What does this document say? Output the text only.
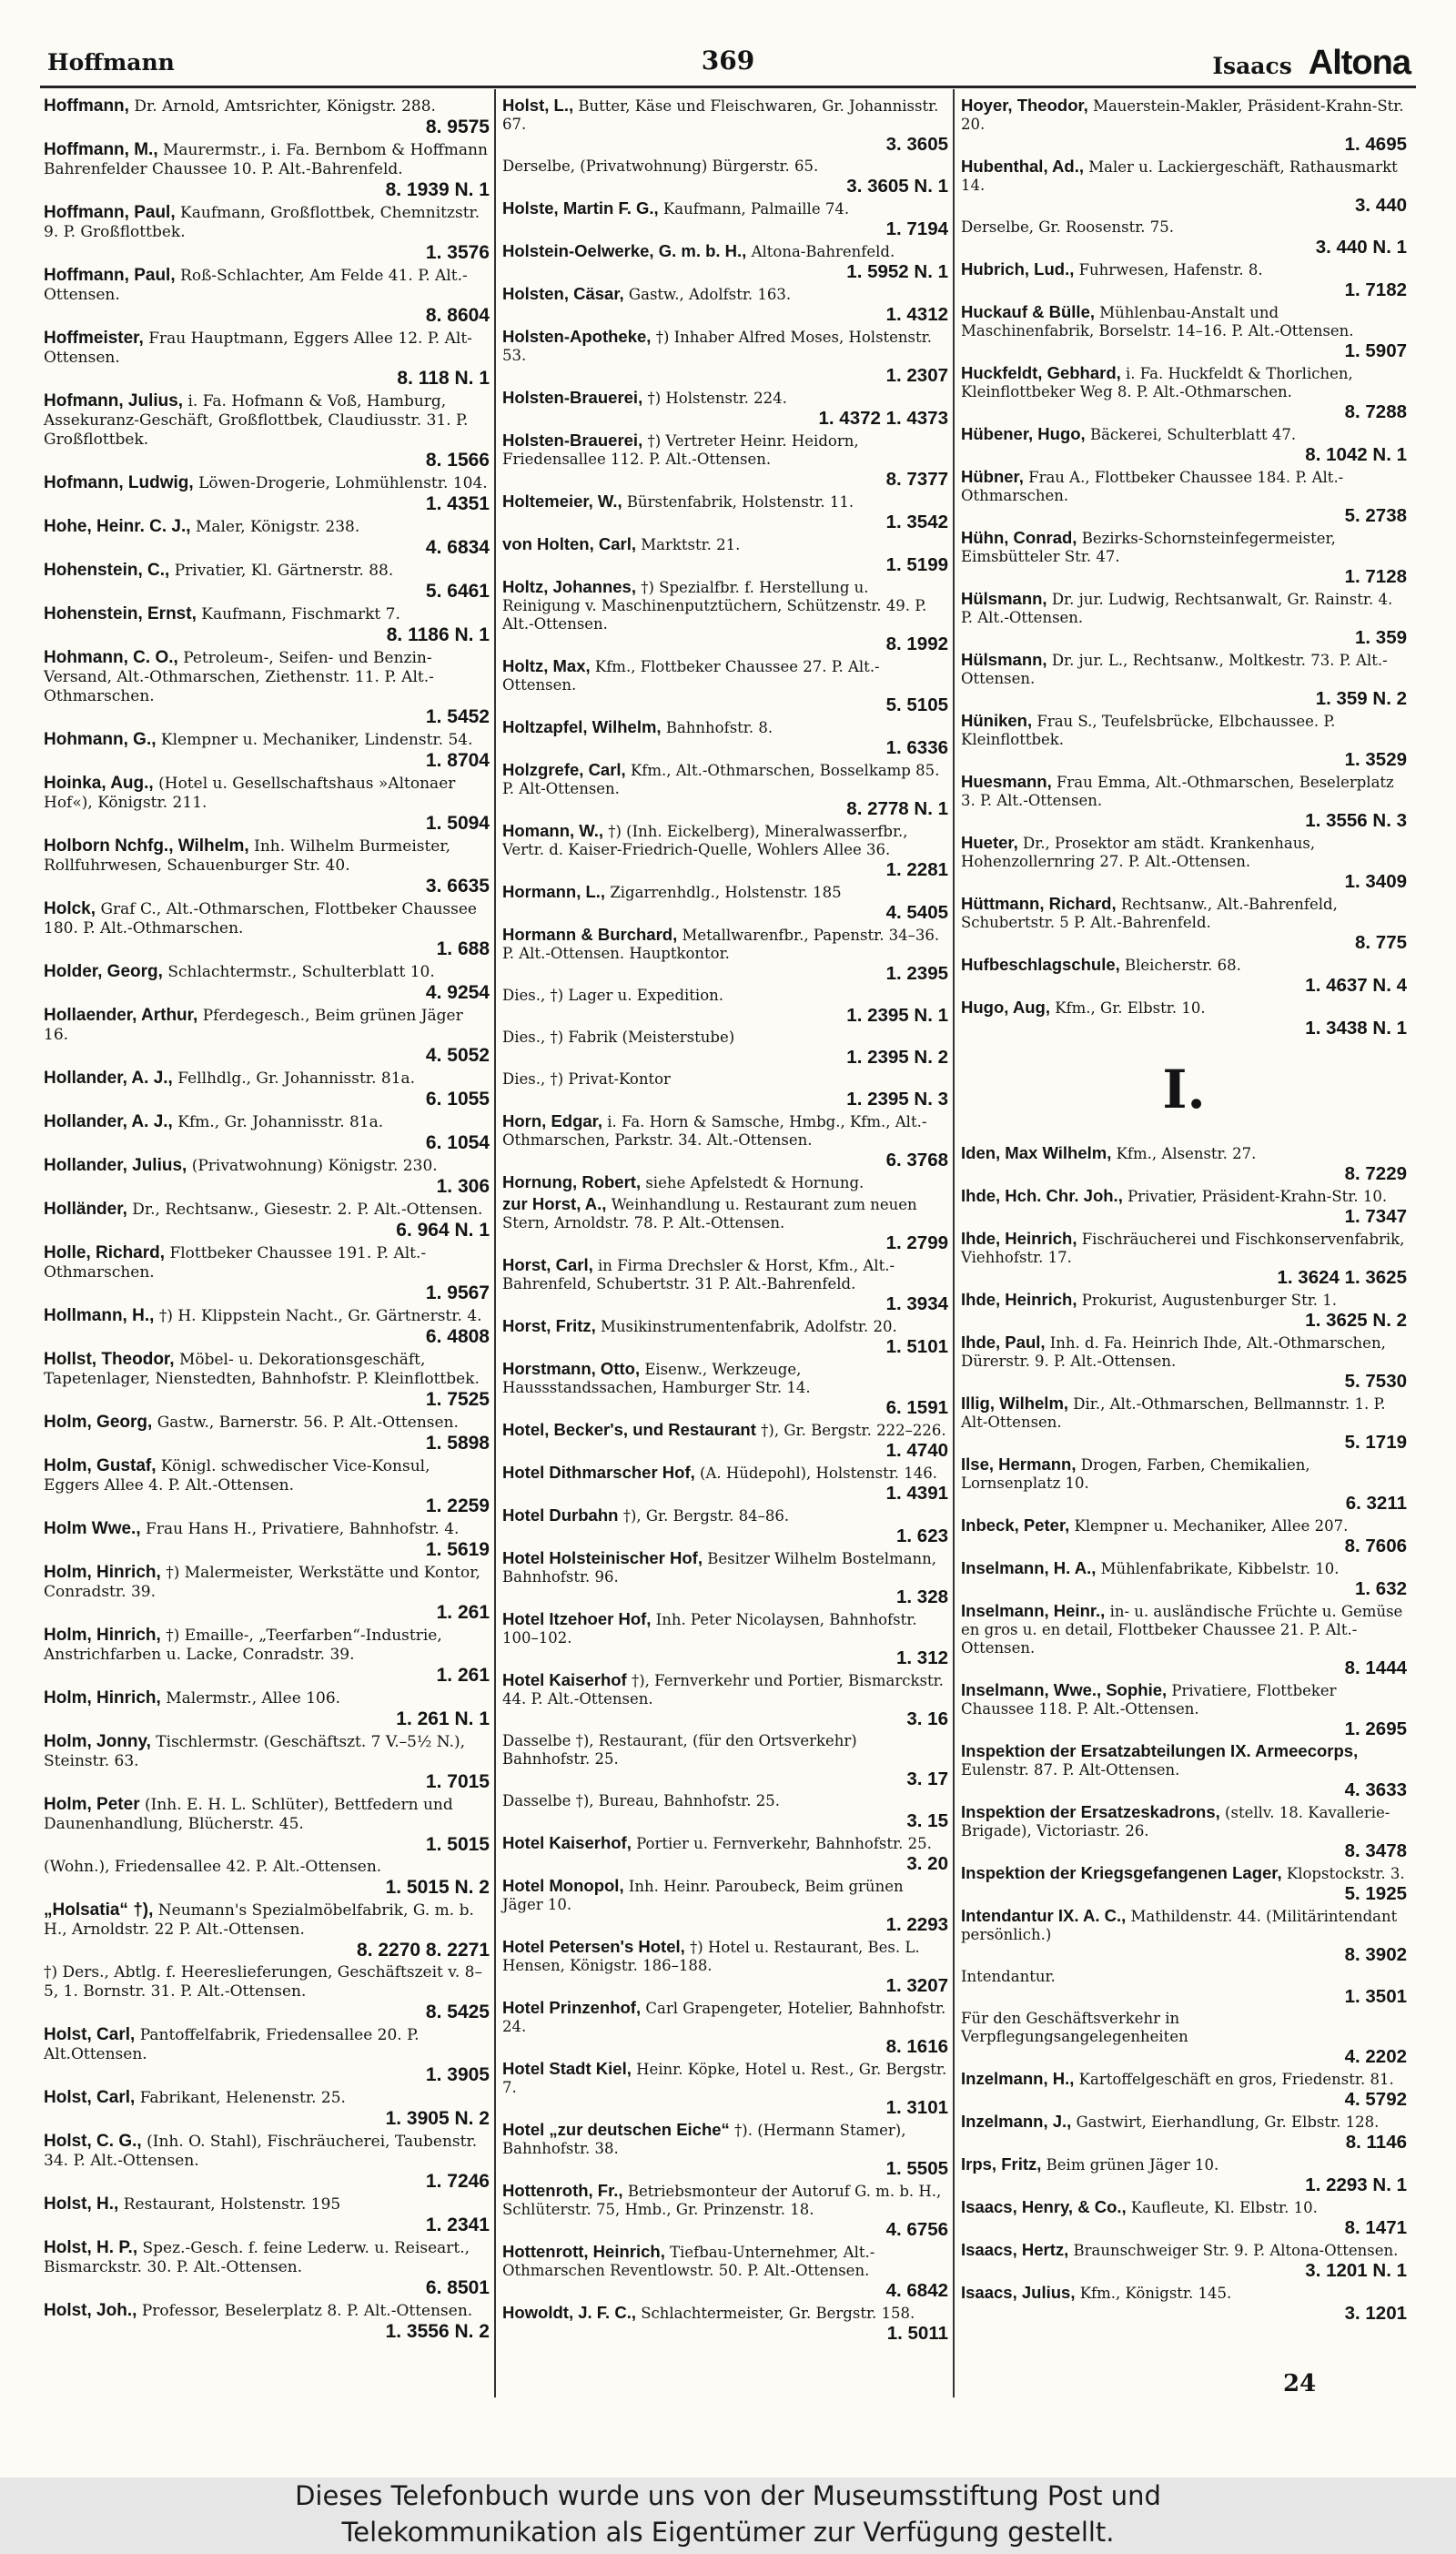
Hoffmann	369	Isaacs Altona
Hoffmann, Dr. Arnold, Amtsrichter, Königstr. 288.
8. 9575
Hoffmann, M., Maurermstr., i. Fa. Bernbom & Hoffmann Bahrenfelder Chaussee 10. P. Alt.-Bahrenfeld.
8. 1939 N. 1
Hoffmann, Paul, Kaufmann, Großflottbek, Chemnitzstr. 9. P. Großflottbek.
1. 3576
Hoffmann, Paul, Roß-Schlachter, Am Felde 41. P. Alt.-Ottensen.
8. 8604
Hoffmeister, Frau Hauptmann, Eggers Allee 12. P. Alt-Ottensen.
8. 118 N. 1
Hofmann, Julius, i. Fa. Hofmann & Voß, Hamburg, Assekuranz-Geschäft, Großflottbek, Claudiusstr. 31. P. Großflottbek.
8. 1566
Hofmann, Ludwig, Löwen-Drogerie, Lohmühlenstr. 104.
1. 4351
Hohe, Heinr. C. J., Maler, Königstr. 238.
4. 6834
Hohenstein, C., Privatier, Kl. Gärtnerstr. 88.
5. 6461
Hohenstein, Ernst, Kaufmann, Fischmarkt 7.
8. 1186 N. 1
Hohmann, C. O., Petroleum-, Seifen- und Benzin-Versand, Alt.-Othmarschen, Ziethenstr. 11. P. Alt.-Othmarschen.
1. 5452
Hohmann, G., Klempner u. Mechaniker, Lindenstr. 54.
1. 8704
Hoinka, Aug., (Hotel u. Gesellschaftshaus »Altonaer Hof«), Königstr. 211.
1. 5094
Holborn Nchfg., Wilhelm, Inh. Wilhelm Burmeister, Rollfuhrwesen, Schauenburger Str. 40.
3. 6635
Holck, Graf C., Alt.-Othmarschen, Flottbeker Chaussee 180. P. Alt.-Othmarschen.
1. 688
Holder, Georg, Schlachtermstr., Schulterblatt 10.
4. 9254
Hollaender, Arthur, Pferdegesch., Beim grünen Jäger 16.
4. 5052
Hollander, A. J., Fellhdlg., Gr. Johannisstr. 81a.
6. 1055
Hollander, A. J., Kfm., Gr. Johannisstr. 81a.
6. 1054
Hollander, Julius, (Privatwohnung) Königstr. 230.
1. 306
Holländer, Dr., Rechtsanw., Giesestr. 2. P. Alt.-Ottensen.
6. 964 N. 1
Holle, Richard, Flottbeker Chaussee 191. P. Alt.-Othmarschen.
1. 9567
Hollmann, H., †) H. Klippstein Nacht., Gr. Gärtnerstr. 4.
6. 4808
Hollst, Theodor, Möbel- u. Dekorationsgeschäft, Tapetenlager, Nienstedten, Bahnhofstr. P. Kleinflottbek.
1. 7525
Holm, Georg, Gastw., Barnerstr. 56. P. Alt.-Ottensen.
1. 5898
Holm, Gustaf, Königl. schwedischer Vice-Konsul, Eggers Allee 4. P. Alt.-Ottensen.
1. 2259
Holm Wwe., Frau Hans H., Privatiere, Bahnhofstr. 4.
1. 5619
Holm, Hinrich, †) Malermeister, Werkstätte und Kontor, Conradstr. 39.
1. 261
Holm, Hinrich, †) Emaille-, „Teerfarben“-Industrie, Anstrichfarben u. Lacke, Conradstr. 39.
1. 261
Holm, Hinrich, Malermstr., Allee 106.
1. 261 N. 1
Holm, Jonny, Tischlermstr. (Geschäftszt. 7 V.–5½ N.), Steinstr. 63.
1. 7015
Holm, Peter (Inh. E. H. L. Schlüter), Bettfedern und Daunenhandlung, Blücherstr. 45.
1. 5015
(Wohn.), Friedensallee 42. P. Alt.-Ottensen.
1. 5015 N. 2
„Holsatia“ †), Neumann's Spezialmöbelfabrik, G. m. b. H., Arnoldstr. 22 P. Alt.-Ottensen.
8. 2270 8. 2271
†) Ders., Abtlg. f. Heereslieferungen, Geschäftszeit v. 8–5, 1. Bornstr. 31. P. Alt.-Ottensen.
8. 5425
Holst, Carl, Pantoffelfabrik, Friedensallee 20. P. Alt.Ottensen.
1. 3905
Holst, Carl, Fabrikant, Helenenstr. 25.
1. 3905 N. 2
Holst, C. G., (Inh. O. Stahl), Fischräucherei, Taubenstr. 34. P. Alt.-Ottensen.
1. 7246
Holst, H., Restaurant, Holstenstr. 195
1. 2341
Holst, H. P., Spez.-Gesch. f. feine Lederw. u. Reiseart., Bismarckstr. 30. P. Alt.-Ottensen.
6. 8501
Holst, Joh., Professor, Beselerplatz 8. P. Alt.-Ottensen.
1. 3556 N. 2
Holst, L., Butter, Käse und Fleischwaren, Gr. Johannisstr. 67.
3. 3605
Derselbe, (Privatwohnung) Bürgerstr. 65.
3. 3605 N. 1
Holste, Martin F. G., Kaufmann, Palmaille 74.
1. 7194
Holstein-Oelwerke, G. m. b. H., Altona-Bahrenfeld.
1. 5952 N. 1
Holsten, Cäsar, Gastw., Adolfstr. 163.
1. 4312
Holsten-Apotheke, †) Inhaber Alfred Moses, Holstenstr. 53.
1. 2307
Holsten-Brauerei, †) Holstenstr. 224.
1. 4372 1. 4373
Holsten-Brauerei, †) Vertreter Heinr. Heidorn, Friedensallee 112. P. Alt.-Ottensen.
8. 7377
Holtemeier, W., Bürstenfabrik, Holstenstr. 11.
1. 3542
von Holten, Carl, Marktstr. 21.
1. 5199
Holtz, Johannes, †) Spezialfbr. f. Herstellung u. Reinigung v. Maschinenputztüchern, Schützenstr. 49. P. Alt.-Ottensen.
8. 1992
Holtz, Max, Kfm., Flottbeker Chaussee 27. P. Alt.-Ottensen.
5. 5105
Holtzapfel, Wilhelm, Bahnhofstr. 8.
1. 6336
Holzgrefe, Carl, Kfm., Alt.-Othmarschen, Bosselkamp 85. P. Alt-Ottensen.
8. 2778 N. 1
Homann, W., †) (Inh. Eickelberg), Mineralwasserfbr., Vertr. d. Kaiser-Friedrich-Quelle, Wohlers Allee 36.
1. 2281
Hormann, L., Zigarrenhdlg., Holstenstr. 185
4. 5405
Hormann & Burchard, Metallwarenfbr., Papenstr. 34–36. P. Alt.-Ottensen. Hauptkontor.
1. 2395
Dies., †) Lager u. Expedition.
1. 2395 N. 1
Dies., †) Fabrik (Meisterstube)
1. 2395 N. 2
Dies., †) Privat-Kontor
1. 2395 N. 3
Horn, Edgar, i. Fa. Horn & Samsche, Hmbg., Kfm., Alt.-Othmarschen, Parkstr. 34. Alt.-Ottensen.
6. 3768
Hornung, Robert, siehe Apfelstedt & Hornung.
zur Horst, A., Weinhandlung u. Restaurant zum neuen Stern, Arnoldstr. 78. P. Alt.-Ottensen.
1. 2799
Horst, Carl, in Firma Drechsler & Horst, Kfm., Alt.-Bahrenfeld, Schubertstr. 31 P. Alt.-Bahrenfeld.
1. 3934
Horst, Fritz, Musikinstrumentenfabrik, Adolfstr. 20.
1. 5101
Horstmann, Otto, Eisenw., Werkzeuge, Haussstandssachen, Hamburger Str. 14.
6. 1591
Hotel, Becker's, und Restaurant †), Gr. Bergstr. 222–226.
1. 4740
Hotel Dithmarscher Hof, (A. Hüdepohl), Holstenstr. 146.
1. 4391
Hotel Durbahn †), Gr. Bergstr. 84–86.
1. 623
Hotel Holsteinischer Hof, Besitzer Wilhelm Bostelmann, Bahnhofstr. 96.
1. 328
Hotel Itzehoer Hof, Inh. Peter Nicolaysen, Bahnhofstr. 100–102.
1. 312
Hotel Kaiserhof †), Fernverkehr und Portier, Bismarckstr. 44. P. Alt.-Ottensen.
3. 16
Dasselbe †), Restaurant, (für den Ortsverkehr) Bahnhofstr. 25.
3. 17
Dasselbe †), Bureau, Bahnhofstr. 25.
3. 15
Hotel Kaiserhof, Portier u. Fernverkehr, Bahnhofstr. 25.
3. 20
Hotel Monopol, Inh. Heinr. Paroubeck, Beim grünen Jäger 10.
1. 2293
Hotel Petersen's Hotel, †) Hotel u. Restaurant, Bes. L. Hensen, Königstr. 186–188.
1. 3207
Hotel Prinzenhof, Carl Grapengeter, Hotelier, Bahnhofstr. 24.
8. 1616
Hotel Stadt Kiel, Heinr. Köpke, Hotel u. Rest., Gr. Bergstr. 7.
1. 3101
Hotel „zur deutschen Eiche“ †). (Hermann Stamer), Bahnhofstr. 38.
1. 5505
Hottenroth, Fr., Betriebsmonteur der Autoruf G. m. b. H., Schlüterstr. 75, Hmb., Gr. Prinzenstr. 18.
4. 6756
Hottenrott, Heinrich, Tiefbau-Unternehmer, Alt.-Othmarschen Reventlowstr. 50. P. Alt.-Ottensen.
4. 6842
Howoldt, J. F. C., Schlachtermeister, Gr. Bergstr. 158.
1. 5011
Hoyer, Theodor, Mauerstein-Makler, Präsident-Krahn-Str. 20.
1. 4695
Hubenthal, Ad., Maler u. Lackiergeschäft, Rathausmarkt 14.
3. 440
Derselbe, Gr. Roosenstr. 75.
3. 440 N. 1
Hubrich, Lud., Fuhrwesen, Hafenstr. 8.
1. 7182
Huckauf & Bülle, Mühlenbau-Anstalt und Maschinenfabrik, Borselstr. 14–16. P. Alt.-Ottensen.
1. 5907
Huckfeldt, Gebhard, i. Fa. Huckfeldt & Thorlichen, Kleinflottbeker Weg 8. P. Alt.-Othmarschen.
8. 7288
Hübener, Hugo, Bäckerei, Schulterblatt 47.
8. 1042 N. 1
Hübner, Frau A., Flottbeker Chaussee 184. P. Alt.-Othmarschen.
5. 2738
Hühn, Conrad, Bezirks-Schornsteinfegermeister, Eimsbütteler Str. 47.
1. 7128
Hülsmann, Dr. jur. Ludwig, Rechtsanwalt, Gr. Rainstr. 4. P. Alt.-Ottensen.
1. 359
Hülsmann, Dr. jur. L., Rechtsanw., Moltkestr. 73. P. Alt.-Ottensen.
1. 359 N. 2
Hüniken, Frau S., Teufelsbrücke, Elbchaussee. P. Kleinflottbek.
1. 3529
Huesmann, Frau Emma, Alt.-Othmarschen, Beselerplatz 3. P. Alt.-Ottensen.
1. 3556 N. 3
Hueter, Dr., Prosektor am städt. Krankenhaus, Hohenzollernring 27. P. Alt.-Ottensen.
1. 3409
Hüttmann, Richard, Rechtsanw., Alt.-Bahrenfeld, Schubertstr. 5 P. Alt.-Bahrenfeld.
8. 775
Hufbeschlagschule, Bleicherstr. 68.
1. 4637 N. 4
Hugo, Aug, Kfm., Gr. Elbstr. 10.
1. 3438 N. 1
I.
Iden, Max Wilhelm, Kfm., Alsenstr. 27.
8. 7229
Ihde, Hch. Chr. Joh., Privatier, Präsident-Krahn-Str. 10.
1. 7347
Ihde, Heinrich, Fischräucherei und Fischkonservenfabrik, Viehhofstr. 17.
1. 3624 1. 3625
Ihde, Heinrich, Prokurist, Augustenburger Str. 1.
1. 3625 N. 2
Ihde, Paul, Inh. d. Fa. Heinrich Ihde, Alt.-Othmarschen, Dürerstr. 9. P. Alt.-Ottensen.
5. 7530
Illig, Wilhelm, Dir., Alt.-Othmarschen, Bellmannstr. 1. P. Alt-Ottensen.
5. 1719
Ilse, Hermann, Drogen, Farben, Chemikalien, Lornsenplatz 10.
6. 3211
Inbeck, Peter, Klempner u. Mechaniker, Allee 207.
8. 7606
Inselmann, H. A., Mühlenfabrikate, Kibbelstr. 10.
1. 632
Inselmann, Heinr., in- u. ausländische Früchte u. Gemüse en gros u. en detail, Flottbeker Chaussee 21. P. Alt.-Ottensen.
8. 1444
Inselmann, Wwe., Sophie, Privatiere, Flottbeker Chaussee 118. P. Alt.-Ottensen.
1. 2695
Inspektion der Ersatzabteilungen IX. Armeecorps, Eulenstr. 87. P. Alt-Ottensen.
4. 3633
Inspektion der Ersatzeskadrons, (stellv. 18. Kavallerie-Brigade), Victoriastr. 26.
8. 3478
Inspektion der Kriegsgefangenen Lager, Klopstockstr. 3.
5. 1925
Intendantur IX. A. C., Mathildenstr. 44. (Militärintendant persönlich.)
8. 3902
Intendantur.
1. 3501
Für den Geschäftsverkehr in Verpflegungsangelegenheiten
4. 2202
Inzelmann, H., Kartoffelgeschäft en gros, Friedenstr. 81.
4. 5792
Inzelmann, J., Gastwirt, Eierhandlung, Gr. Elbstr. 128.
8. 1146
Irps, Fritz, Beim grünen Jäger 10.
1. 2293 N. 1
Isaacs, Henry, & Co., Kaufleute, Kl. Elbstr. 10.
8. 1471
Isaacs, Hertz, Braunschweiger Str. 9. P. Altona-Ottensen.
3. 1201 N. 1
Isaacs, Julius, Kfm., Königstr. 145.
3. 1201
24
Dieses Telefonbuch wurde uns von der Museumsstiftung Post und
Telekommunikation als Eigentümer zur Verfügung gestellt.
